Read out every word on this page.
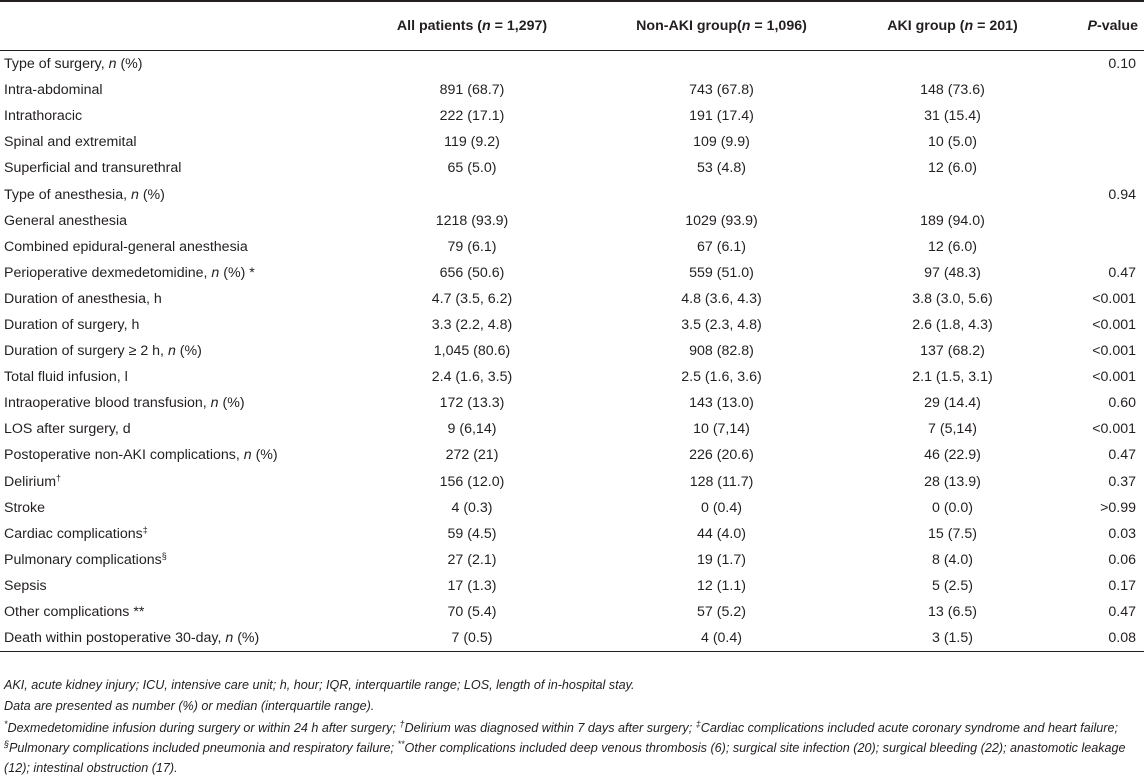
	All patients (n = 1,297)	Non-AKI group(n = 1,096)	AKI group (n = 201)	P-value
Type of surgery, n (%)				0.10
Intra-abdominal	891 (68.7)	743 (67.8)	148 (73.6)	
Intrathoracic	222 (17.1)	191 (17.4)	31 (15.4)	
Spinal and extremital	119 (9.2)	109 (9.9)	10 (5.0)	
Superficial and transurethral	65 (5.0)	53 (4.8)	12 (6.0)	
Type of anesthesia, n (%)				0.94
General anesthesia	1218 (93.9)	1029 (93.9)	189 (94.0)	
Combined epidural-general anesthesia	79 (6.1)	67 (6.1)	12 (6.0)	
Perioperative dexmedetomidine, n (%) *	656 (50.6)	559 (51.0)	97 (48.3)	0.47
Duration of anesthesia, h	4.7 (3.5, 6.2)	4.8 (3.6, 4.3)	3.8 (3.0, 5.6)	<0.001
Duration of surgery, h	3.3 (2.2, 4.8)	3.5 (2.3, 4.8)	2.6 (1.8, 4.3)	<0.001
Duration of surgery ≥ 2 h, n (%)	1,045 (80.6)	908 (82.8)	137 (68.2)	<0.001
Total fluid infusion, l	2.4 (1.6, 3.5)	2.5 (1.6, 3.6)	2.1 (1.5, 3.1)	<0.001
Intraoperative blood transfusion, n (%)	172 (13.3)	143 (13.0)	29 (14.4)	0.60
LOS after surgery, d	9 (6,14)	10 (7,14)	7 (5,14)	<0.001
Postoperative non-AKI complications, n (%)	272 (21)	226 (20.6)	46 (22.9)	0.47
Delirium†	156 (12.0)	128 (11.7)	28 (13.9)	0.37
Stroke	4 (0.3)	0 (0.4)	0 (0.0)	>0.99
Cardiac complications‡	59 (4.5)	44 (4.0)	15 (7.5)	0.03
Pulmonary complications§	27 (2.1)	19 (1.7)	8 (4.0)	0.06
Sepsis	17 (1.3)	12 (1.1)	5 (2.5)	0.17
Other complications **	70 (5.4)	57 (5.2)	13 (6.5)	0.47
Death within postoperative 30-day, n (%)	7 (0.5)	4 (0.4)	3 (1.5)	0.08

AKI, acute kidney injury; ICU, intensive care unit; h, hour; IQR, interquartile range; LOS, length of in-hospital stay.

Data are presented as number (%) or median (interquartile range).

*Dexmedetomidine infusion during surgery or within 24 h after surgery; †Delirium was diagnosed within 7 days after surgery; ‡Cardiac complications included acute coronary syndrome and heart failure; §Pulmonary complications included pneumonia and respiratory failure; **Other complications included deep venous thrombosis (6); surgical site infection (20); surgical bleeding (22); anastomotic leakage (12); intestinal obstruction (17).
